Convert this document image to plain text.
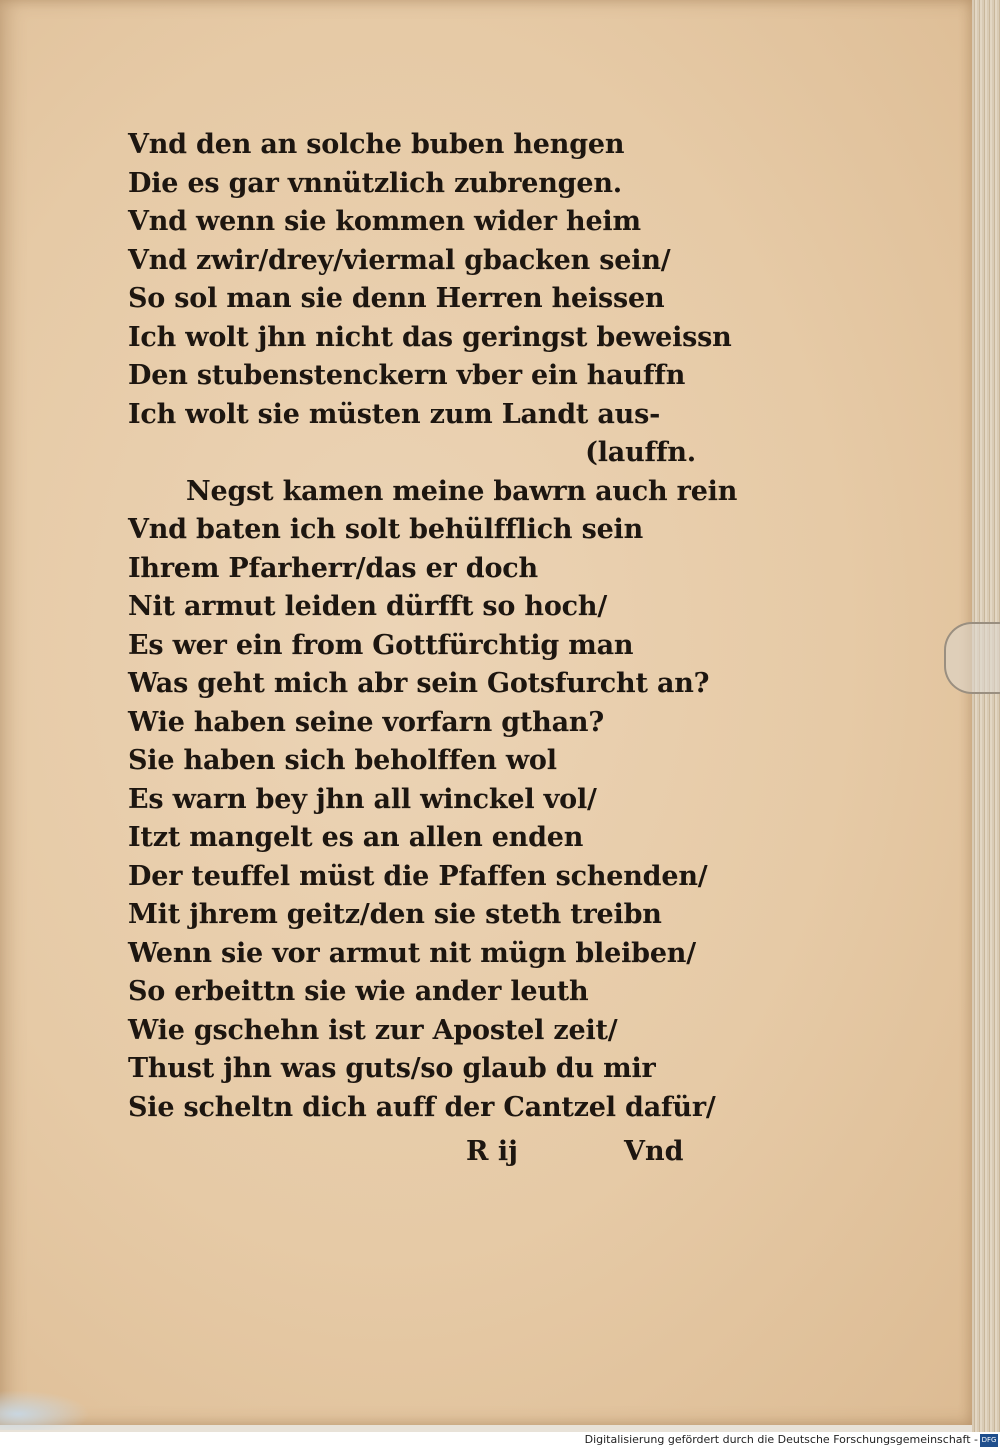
Vnd den an solche buben hengen
Die es gar vnnützlich zubrengen.
Vnd wenn sie kommen wider heim
Vnd zwir/drey/viermal gbacken sein/
So sol man sie denn Herren heissen
Ich wolt jhn nicht das geringst beweissn
Den stubenstenckern vber ein hauffn
Ich wolt sie müsten zum Landt aus-
(lauffn.
Negst kamen meine bawrn auch rein
Vnd baten ich solt behülfflich sein
Ihrem Pfarherr/das er doch
Nit armut leiden dürfft so hoch/
Es wer ein from Gottfürchtig man
Was geht mich abr sein Gotsfurcht an?
Wie haben seine vorfarn gthan?
Sie haben sich beholffen wol
Es warn bey jhn all winckel vol/
Itzt mangelt es an allen enden
Der teuffel müst die Pfaffen schenden/
Mit jhrem geitz/den sie steth treibn
Wenn sie vor armut nit mügn bleiben/
So erbeittn sie wie ander leuth
Wie gschehn ist zur Apostel zeit/
Thust jhn was guts/so glaub du mir
Sie scheltn dich auff der Cantzel dafür/
R ij	Vnd
Digitalisierung gefördert durch die Deutsche Forschungsgemeinschaft - DFG
